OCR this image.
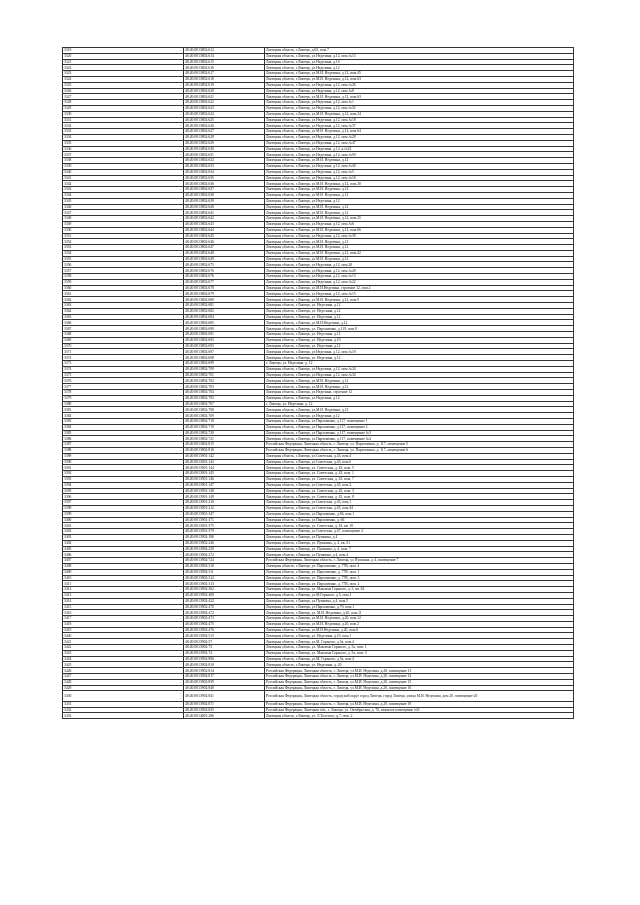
3319	48:20:0013802:612	Липецкая область, г.Липецк, д.65, пом.7
3320	48:20:0013802:614	Липецкая область, г.Липецк, ул.Неделина, д.12, пом.№13
3321	48:20:0013802:615	Липецкая область, г.Липецк, ул.Неделина, д.10
3322	48:20:0013802:616	Липецкая область, г.Липецк, ул.Неделина, д.12
3323	48:20:0013802:617	Липецкая область, г.Липецк, ул.М.И. Неделина, д.12, пом.45
3324	48:20:0013802:618	Липецкая область, г.Липецк, ул.М.И. Неделина, д.12, пом.63
3325	48:20:0013802:619	Липецкая область, г.Липецк, ул.Неделина, д.12, пом.№26
3326	48:20:0013802:620	Липецкая область, г.Липецк, ул.Неделина, д.12, пом.№8
3327	48:20:0013802:621	Липецкая область, г.Липецк, ул.М.И. Неделина, д.12, пом.63
3328	48:20:0013802:622	Липецкая область, г.Липецк, ул.Неделина, д.12, пом.№1
3329	48:20:0013802:623	Липецкая область, г.Липецк, ул.Неделина, д.12, пом.№52
3330	48:20:0013802:624	Липецкая область, г.Липецк, ул.М.И. Неделина, д.12, пом.24
3331	48:20:0013802:625	Липецкая область, г.Липецк, ул.Неделина, д.12, пом.№18
3332	48:20:0013802:626	Липецкая область, г.Липецк, ул.Неделина, д.12, пом.№37
3333	48:20:0013802:627	Липецкая область, г.Липецк, ул.М.И. Неделина, д.12, пом.64
3334	48:20:0013802:628	Липецкая область, г.Липецк, ул.Неделина, д.12, пом.№29
3335	48:20:0013802:629	Липецкая область, г.Липецк, ул.Неделина, д.12, пом.№47
3336	48:20:0013802:630	Липецкая область, г.Липецк, ул.Неделина, д.12, к.№22
3337	48:20:0013802:631	Липецкая область, г.Липецк, ул.Неделина, д.12, пом.№50
3338	48:20:0013802:632	Липецкая область, г.Липецк, ул.М.И. Неделина, д.12
3339	48:20:0013802:633	Липецкая область, г.Липецк, ул.Неделина, д.12, пом.№40
3340	48:20:0013802:634	Липецкая область, г.Липецк, ул.Неделина, д.12, пом.№5
3341	48:20:0013802:635	Липецкая область, г.Липецк, ул.Неделина, д.12, пом.№16
3342	48:20:0013802:636	Липецкая область, г.Липецк, ул.М.И. Неделина, д.12, пом.20
3343	48:20:0013802:637	Липецкая область, г.Липецк, ул.М.И. Неделина, д.12
3344	48:20:0013802:638	Липецкая область, г.Липецк, ул.М.И. Неделина, д.12
3345	48:20:0013802:639	Липецкая область, г.Липецк, ул.Неделина, д.12
3346	48:20:0013802:640	Липецкая область, г.Липецк, ул.М.И. Неделина, д.12
3347	48:20:0013802:641	Липецкая область, г.Липецк, ул.М.И. Неделина, д.12
3348	48:20:0013802:642	Липецкая область, г.Липецк, ул.М.И. Неделина, д.12, пом.25
3349	48:20:0013802:643	Липецкая область, г.Липецк, ул.Неделина, д.12, пом.№6
3350	48:20:0013802:644	Липецкая область, г.Липецк, ул.М.И. Неделина, д.12, пом.66
3351	48:20:0013802:645	Липецкая область, г.Липецк, ул.Неделина, д.12, пом.№39
3352	48:20:0013802:646	Липецкая область, г.Липецк, ул.М.И. Неделина, д.12
3353	48:20:0013802:647	Липецкая область, г.Липецк, ул.М.И. Неделина, д.12
3354	48:20:0013802:648	Липецкая область, г.Липецк, ул.М.И. Неделина, д.12, пом.42
3355	48:20:0013802:649	Липецкая область, г.Липецк, ул.М.И. Неделина, д.12
3356	48:20:0013802:675	Липецкая область, г.Липецк, ул.Неделина, д.12, пом.20
3357	48:20:0013802:676	Липецкая область, г.Липецк, ул.Неделина, д.12, пом.№20
3358	48:20:0013802:676	Липецкая область, г.Липецк, ул.Неделина, д.12, пом.№13
3359	48:20:0013802:677	Липецкая область, г.Липецк, ул.Неделина, д.12, пом.№22
3360	48:20:0013802:678	Липецкая область, г.Липецк, ул.М.И.Неделина, строение 12, пом.2
3361	48:20:0013802:679	Липецкая область, г.Липецк, ул.Неделина, д.12, пом.№15
3362	48:20:0013802:680	Липецкая область, г.Липецк, ул.М.И. Неделина, д.12, пом.9
3363	48:20:0013802:681	Липецкая область, г.Липецк, ул. Неделина, д.12
3364	48:20:0013802:682	Липецкая область, г.Липецк, ул. Неделина, д.12
3365	48:20:0013802:684	Липецкая область, г.Липецк, ул. Неделина, д.12
3366	48:20:0013802:685	Липецкая область, г.Липецк, ул.М.И.Неделина, д.12
3367	48:20:0013802:690	Липецкая область, г.Липецк, ул. Пархоменко, д.119, пом.9
3368	48:20:0013802:691	Липецкая область, г.Липецк, ул. Неделина, д.12
3369	48:20:0013802:692	Липецкая область, г.Липецк, ул. Неделина, д.10
3370	48:20:0013802:693	Липецкая область, г.Липецк, ул. Неделина, д.12
3371	48:20:0013802:697	Липецкая область, г.Липецк, ул.Неделина, д.12, пом.№19
3372	48:20:0013802:698	Липецкая область, г.Липецк, ул. Неделина, д.12
3373	48:20:0013802:699	г. Липецк, ул. Неделина, д. 12
3374	48:20:0013802:700	Липецкая область, г.Липецк, ул.Неделина, д.12, пом.№24
3375	48:20:0013802:701	Липецкая область, г.Липецк, ул.Неделина, д.12, пом.№34
3376	48:20:0013802:702	Липецкая область, г.Липецк, ул.М.И. Неделина, д.12
3377	48:20:0013802:703	Липецкая область, г.Липецк, ул.М.И. Неделина, д.12
3378	48:20:0013802:704	Липецкая область, г.Липецк, ул.Неделина, строение 12
3379	48:20:0013802:705	Липецкая область, г.Липецк, ул.Неделина, д.12
3380	48:20:0013802:707	г. Липецк, ул. Неделина, д. 12
3381	48:20:0013802:708	Липецкая область, г.Липецк, ул.М.И. Неделина, д.12
3382	48:20:0013802:709	Липецкая область, г.Липецк, ул.Неделина, д.12
3383	48:20:0013802:718	Липецкая область, г.Липецк, ул.Пархоменко, д.117, помещение 1
3384	48:20:0013802:719	Липецкая область, г.Липецк, ул.Пархоменко, д.117, помещение 2
3385	48:20:0013802:720	Липецкая область, г.Липецк, ул.Пархоменко, д.117, помещение №3
3386	48:20:0013802:721	Липецкая область, г.Липецк, ул.Пархоменко, д.117, помещение №4
3387	48:20:0013802:815	Российская Федерация, Липецкая область, г. Липецк, ул. Пархоменко, д. 117, помещение 5
3388	48:20:0013802:816	Российская Федерация, Липецкая область, г. Липецк, ул. Пархоменко, д. 117, помещение 6
3389	48:20:0013901:142	Липецкая область, г.Липецк, ул.Советская, д.43, пом.4
3390	48:20:0013901:143	Липецкая область, г.Липецк, ул.Советская, д.43, пом.6
3391	48:20:0013901:144	Липецкая область, г.Липецк, ул. Советская, д. 43, пом. 5
3392	48:20:0013901:145	Липецкая область, г.Липецк, ул. Советская, д. 43, пом. 1
3393	48:20:0013901:146	Липецкая область, г.Липецк, ул. Советская, д. 43, пом. 7
3394	48:20:0013901:147	Липецкая область, г.Липецк, ул.Советская, д.43, пом.2
3395	48:20:0013901:148	Липецкая область, г.Липецк, ул. Советская, д. 43, пом. 3
3396	48:20:0013901:149	Липецкая область, г.Липецк, ул. Советская, д. 43, пом. 8
3397	48:20:0013901:210	Липецкая область, г.Липецк, ул.Советская, д.43, пом.1
3398	48:20:0013901:212	Липецкая область, г.Липецк, ул.Советская, д.45, пом.44
3399	48:20:0013901:347	Липецкая область, г.Липецк, ул.Пархоменко, д.66, пом.1
3400	48:20:0013901:371	Липецкая область, г.Липецк, ул.Пархоменко, д. 66
3401	48:20:0013901:375	Липецкая область, г.Липецк, ул. Советская, д. 43, кв. 10
3402	48:20:0013901:379	Липецкая область, г.Липецк, ул.Советская, д.47, помещение 4
3403	48:20:0013902:186	Липецкая область, г.Липецк, ул.Пушкина, д.4
3404	48:20:0013902:246	Липецкая область, г.Липецк, ул. Пушкина, д. 4, кв. 61
3405	48:20:0013902:250	Липецкая область, г.Липецк, ул. Пушкина, д. 4, пом. 7
3406	48:20:0013902:272	Липецкая область, г.Липецк, ул.Пушкина, д.4, пом.4
3407	48:20:0013902:724	Российская Федерация, Липецкая область, г. Липецк, ул Пушкина, д 4, помещение 7
3408	48:20:0013902:310	Липецкая область, г.Липецк, ул. Пархоменко, д. 77В, пом. 4
3409	48:20:0013902:311	Липецкая область, г.Липецк, ул. Пархоменко, д. 77В, пом. 1
3410	48:20:0013902:312	Липецкая область, г.Липецк, ул. Пархоменко, д. 77В, пом. 3
3411	48:20:0013902:313	Липецкая область, г.Липецк, ул. Пархоменко, д. 77В, пом. 2
3412	48:20:0013902:362	Липецкая область, г.Липецк, ул. Максима Горького, д. 5, кв. 62
3413	48:20:0013902:408	Липецкая область, г.Липецк, ул.М.Горького, д.5, пом.1
3414	48:20:0013902:422	Липецкая область, г.Липецк, ул.Пушкина, д.4, пом.5
3415	48:20:0013902:470	Липецкая область, г.Липецк, ул.Пархоменко, д.79, пом.1
3416	48:20:0013902:472	Липецкая область, г.Липецк, ул. М.И. Неделина, д.20, пом.11
3417	48:20:0013902:473	Липецкая область, г.Липецк, ул.М.И. Неделина, д.20, пом.12
3418	48:20:0013902:475	Липецкая область, г.Липецк, ул.М.И. Неделина, д.20, пом.2
3419	48:20:0013902:476	Липецкая область, г.Липецк, ул.М.И.Неделина, д.20, пом.6
3420	48:20:0013902:513	Липецкая область, г.Липецк, ул. Неделина, д.10, пом.1
3421	48:20:0013902:57	Липецкая область, г.Липецк, ул.М. Горького, д.5а, пом.4
3422	48:20:0013902:73	Липецкая область, г.Липецк, ул. Максима Горького, д. 5а, пом. 1
3423	48:20:0013902:74	Липецкая область, г.Липецк, ул. Максима Горького, д. 5а, пом. 3
3424	48:20:0013902:806	Липецкая область, г.Липецк, ул.М. Горького, д.5а, пом.4
3425	48:20:0013902:810	Липецкая область, г.Липецк, ул. Неделина, д. 20
3426	48:20:0013902:814	Российская Федерация, Липецкая область, г. Липецк, ул.М.И. Неделина, д.20, помещение 13
3427	48:20:0013902:817	Российская Федерация, Липецкая область, г. Липецк, ул.М.И. Неделина, д.20, помещение 14
3428	48:20:0013902:839	Российская Федерация, Липецкая область, г. Липецк, ул.М.И. Неделина, д.20, помещение 15
3429	48:20:0013902:840	Российская Федерация, Липецкая область, г. Липецк, ул.М.И. Неделина, д.20, помещение 16
3430	48:20:0013902:841	Российская Федерация, Липецкая область, городской округ город Липецк, город Липецк, улица М.И. Неделина, дом 20, помещение 20
3431	48:20:0013902:871	Российская Федерация, Липецкая область, г. Липецк, ул.М.И. Неделина, д.20, помещение 19
3432	48:20:0013902:845	Российская Федерация, Липецкая обл., г. Липецк, ул. Октябрьская, д. 76, нежилое помещение №9
3433	48:20:0014001:286	Липецкая область, г.Липецк, ул. Л.Толстого, д.7, пом. 2
